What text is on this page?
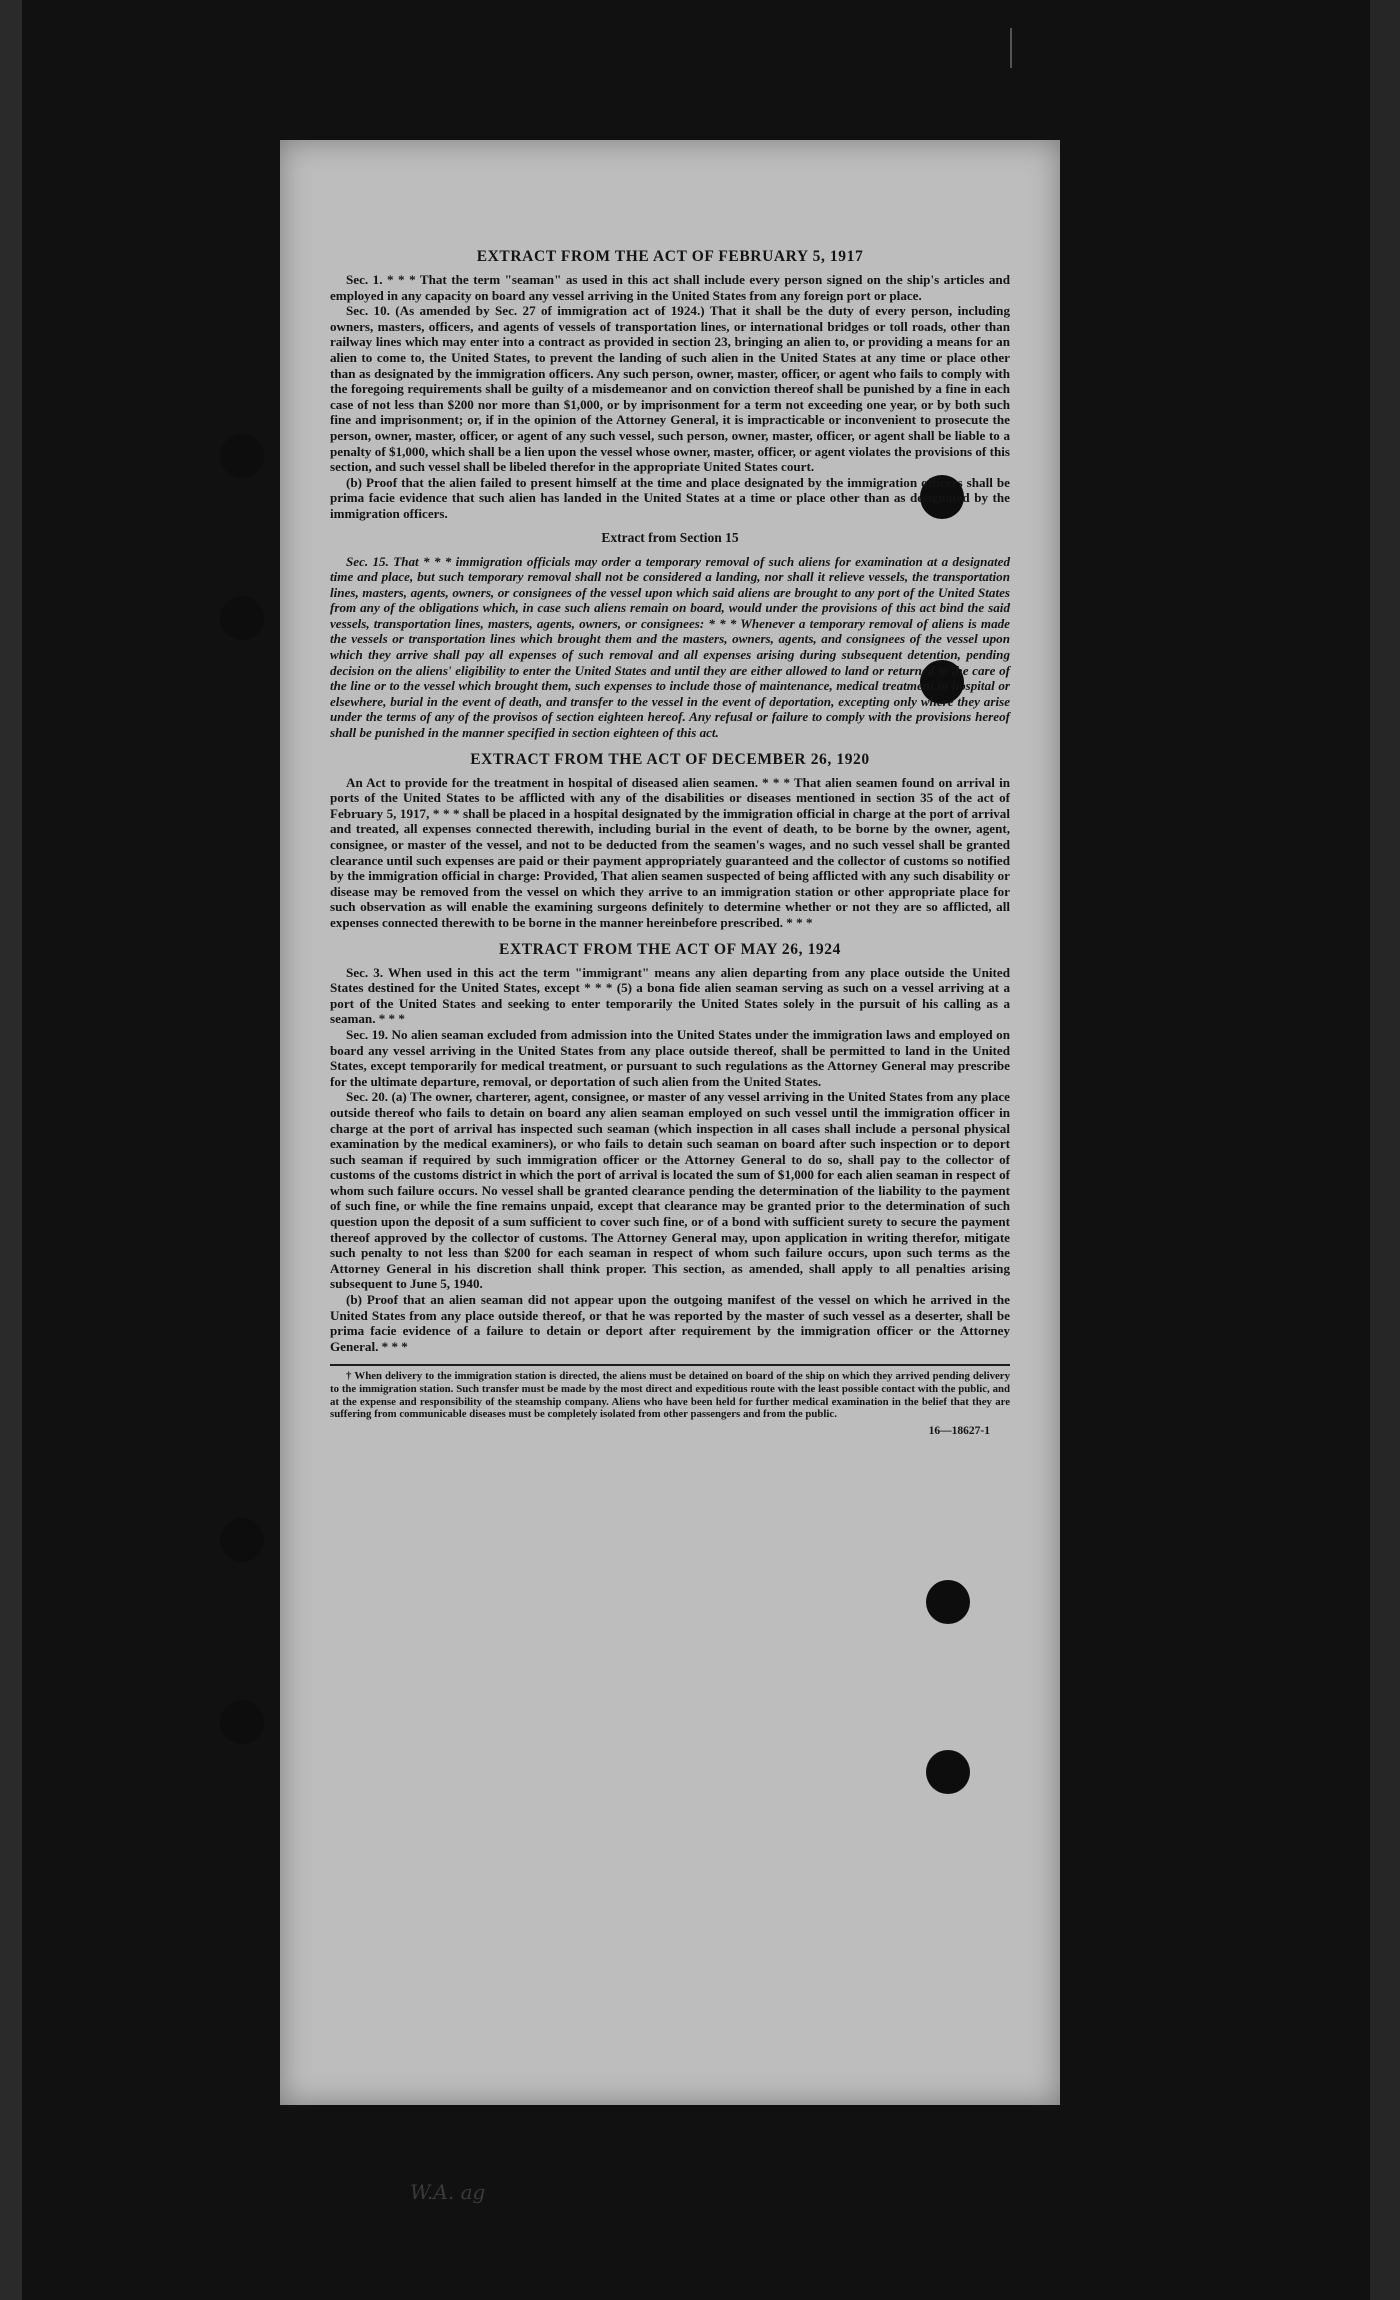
EXTRACT FROM THE ACT OF FEBRUARY 5, 1917

Sec. 1. * * * That the term "seaman" as used in this act shall include every person signed on the ship's articles and employed in any capacity on board any vessel arriving in the United States from any foreign port or place.

Sec. 10. (As amended by Sec. 27 of immigration act of 1924.) That it shall be the duty of every person, including owners, masters, officers, and agents of vessels of transportation lines, or international bridges or toll roads, other than railway lines which may enter into a contract as provided in section 23, bringing an alien to, or providing a means for an alien to come to, the United States, to prevent the landing of such alien in the United States at any time or place other than as designated by the immigration officers. Any such person, owner, master, officer, or agent who fails to comply with the foregoing requirements shall be guilty of a misdemeanor and on conviction thereof shall be punished by a fine in each case of not less than $200 nor more than $1,000, or by imprisonment for a term not exceeding one year, or by both such fine and imprisonment; or, if in the opinion of the Attorney General, it is impracticable or inconvenient to prosecute the person, owner, master, officer, or agent of any such vessel, such person, owner, master, officer, or agent shall be liable to a penalty of $1,000, which shall be a lien upon the vessel whose owner, master, officer, or agent violates the provisions of this section, and such vessel shall be libeled therefor in the appropriate United States court.

(b) Proof that the alien failed to present himself at the time and place designated by the immigration officers shall be prima facie evidence that such alien has landed in the United States at a time or place other than as designated by the immigration officers.

Extract from Section 15

Sec. 15. That * * * immigration officials may order a temporary removal of such aliens for examination at a designated time and place, but such temporary removal shall not be considered a landing, nor shall it relieve vessels, the transportation lines, masters, agents, owners, or consignees of the vessel upon which said aliens are brought to any port of the United States from any of the obligations which, in case such aliens remain on board, would under the provisions of this act bind the said vessels, transportation lines, masters, agents, owners, or consignees: * * * Whenever a temporary removal of aliens is made the vessels or transportation lines which brought them and the masters, owners, agents, and consignees of the vessel upon which they arrive shall pay all expenses of such removal and all expenses arising during subsequent detention, pending decision on the aliens' eligibility to enter the United States and until they are either allowed to land or returned to the care of the line or to the vessel which brought them, such expenses to include those of maintenance, medical treatment in hospital or elsewhere, burial in the event of death, and transfer to the vessel in the event of deportation, excepting only where they arise under the terms of any of the provisos of section eighteen hereof. Any refusal or failure to comply with the provisions hereof shall be punished in the manner specified in section eighteen of this act.

EXTRACT FROM THE ACT OF DECEMBER 26, 1920

An Act to provide for the treatment in hospital of diseased alien seamen. * * * That alien seamen found on arrival in ports of the United States to be afflicted with any of the disabilities or diseases mentioned in section 35 of the act of February 5, 1917, * * * shall be placed in a hospital designated by the immigration official in charge at the port of arrival and treated, all expenses connected therewith, including burial in the event of death, to be borne by the owner, agent, consignee, or master of the vessel, and not to be deducted from the seamen's wages, and no such vessel shall be granted clearance until such expenses are paid or their payment appropriately guaranteed and the collector of customs so notified by the immigration official in charge: Provided, That alien seamen suspected of being afflicted with any such disability or disease may be removed from the vessel on which they arrive to an immigration station or other appropriate place for such observation as will enable the examining surgeons definitely to determine whether or not they are so afflicted, all expenses connected therewith to be borne in the manner hereinbefore prescribed. * * *

EXTRACT FROM THE ACT OF MAY 26, 1924

Sec. 3. When used in this act the term "immigrant" means any alien departing from any place outside the United States destined for the United States, except * * * (5) a bona fide alien seaman serving as such on a vessel arriving at a port of the United States and seeking to enter temporarily the United States solely in the pursuit of his calling as a seaman. * * *

Sec. 19. No alien seaman excluded from admission into the United States under the immigration laws and employed on board any vessel arriving in the United States from any place outside thereof, shall be permitted to land in the United States, except temporarily for medical treatment, or pursuant to such regulations as the Attorney General may prescribe for the ultimate departure, removal, or deportation of such alien from the United States.

Sec. 20. (a) The owner, charterer, agent, consignee, or master of any vessel arriving in the United States from any place outside thereof who fails to detain on board any alien seaman employed on such vessel until the immigration officer in charge at the port of arrival has inspected such seaman (which inspection in all cases shall include a personal physical examination by the medical examiners), or who fails to detain such seaman on board after such inspection or to deport such seaman if required by such immigration officer or the Attorney General to do so, shall pay to the collector of customs of the customs district in which the port of arrival is located the sum of $1,000 for each alien seaman in respect of whom such failure occurs. No vessel shall be granted clearance pending the determination of the liability to the payment of such fine, or while the fine remains unpaid, except that clearance may be granted prior to the determination of such question upon the deposit of a sum sufficient to cover such fine, or of a bond with sufficient surety to secure the payment thereof approved by the collector of customs. The Attorney General may, upon application in writing therefor, mitigate such penalty to not less than $200 for each seaman in respect of whom such failure occurs, upon such terms as the Attorney General in his discretion shall think proper. This section, as amended, shall apply to all penalties arising subsequent to June 5, 1940.

(b) Proof that an alien seaman did not appear upon the outgoing manifest of the vessel on which he arrived in the United States from any place outside thereof, or that he was reported by the master of such vessel as a deserter, shall be prima facie evidence of a failure to detain or deport after requirement by the immigration officer or the Attorney General. * * *

† When delivery to the immigration station is directed, the aliens must be detained on board of the ship on which they arrived pending delivery to the immigration station. Such transfer must be made by the most direct and expeditious route with the least possible contact with the public, and at the expense and responsibility of the steamship company. Aliens who have been held for further medical examination in the belief that they are suffering from communicable diseases must be completely isolated from other passengers and from the public.

16—18627-1
W.A. ag
